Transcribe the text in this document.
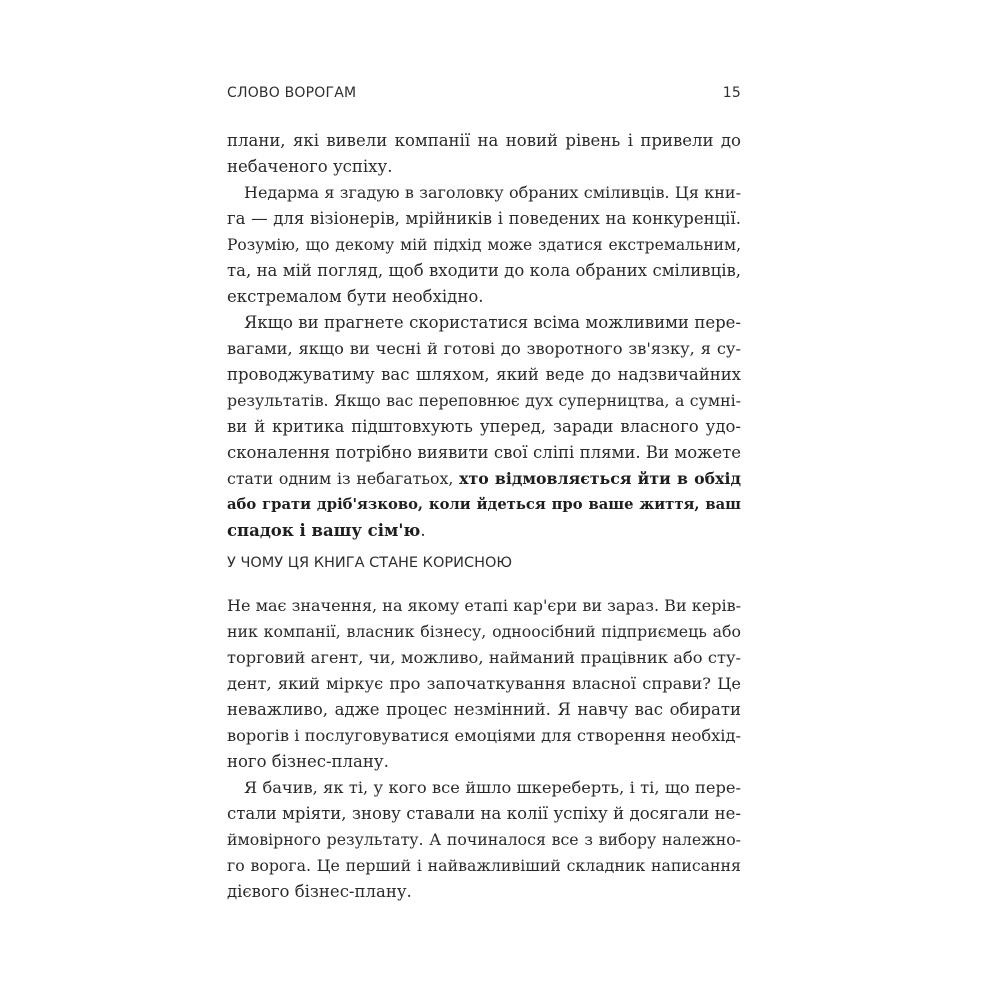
СЛОВО ВОРОГАМ	15
плани, які вивели компанії на новий рівень і привели до
небаченого успіху.
Недарма я згадую в заголовку обраних сміливців. Ця кни-
га — для візіонерів, мрійників і поведених на конкуренції.
Розумію, що декому мій підхід може здатися екстремальним,
та, на мій погляд, щоб входити до кола обраних сміливців,
екстремалом бути необхідно.
Якщо ви прагнете скористатися всіма можливими пере-
вагами, якщо ви чесні й готові до зворотного зв'язку, я су-
проводжуватиму вас шляхом, який веде до надзвичайних
результатів. Якщо вас переповнює дух суперництва, а сумні-
ви й критика підштовхують уперед, заради власного удо-
сконалення потрібно виявити свої сліпі плями. Ви можете
стати одним із небагатьох, хто відмовляється йти в обхід
або грати дріб'язково, коли йдеться про ваше життя, ваш
спадок і вашу сім'ю.
У ЧОМУ ЦЯ КНИГА СТАНЕ КОРИСНОЮ
Не має значення, на якому етапі кар'єри ви зараз. Ви керів-
ник компанії, власник бізнесу, одноосібний підприємець або
торговий агент, чи, можливо, найманий працівник або сту-
дент, який міркує про започаткування власної справи? Це
неважливо, адже процес незмінний. Я навчу вас обирати
ворогів і послуговуватися емоціями для створення необхід-
ного бізнес-плану.
Я бачив, як ті, у кого все йшло шкереберть, і ті, що пере-
стали мріяти, знову ставали на колії успіху й досягали не-
ймовірного результату. А починалося все з вибору належно-
го ворога. Це перший і найважливіший складник написання
дієвого бізнес-плану.
